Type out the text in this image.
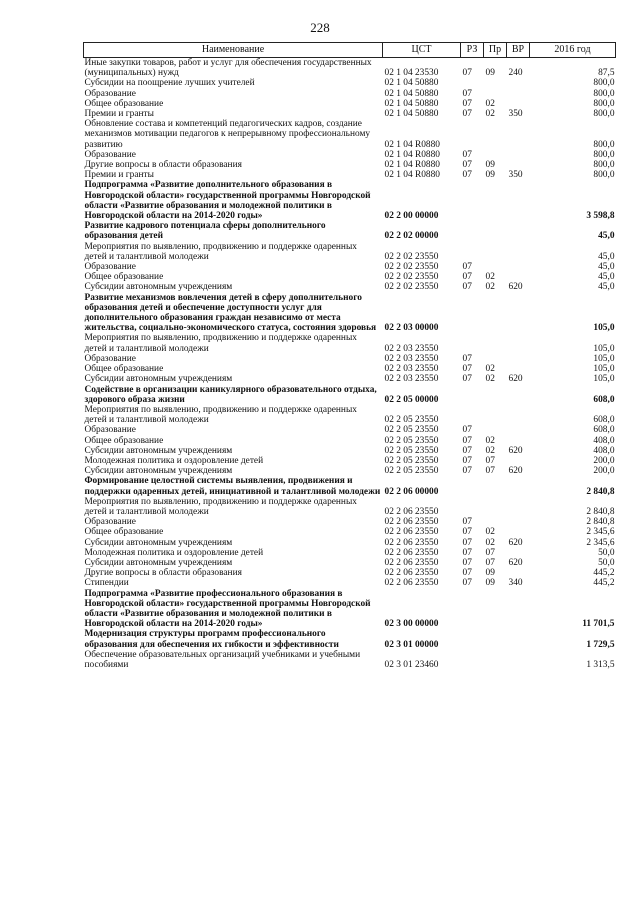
228
Наименование	ЦСТ	РЗ	Пр	ВР	2016 год
Иные закупки товаров, работ и услуг для обеспечения государственных (муниципальных) нужд	02 1 04 23530	07	09	240	87,5
Субсидии на поощрение лучших учителей	02 1 04 50880				800,0
Образование	02 1 04 50880	07			800,0
Общее образование	02 1 04 50880	07	02		800,0
Премии и гранты	02 1 04 50880	07	02	350	800,0
Обновление состава и компетенций педагогических кадров, создание механизмов мотивации педагогов к непрерывному профессиональному развитию	02 1 04 R0880				800,0
Образование	02 1 04 R0880	07			800,0
Другие вопросы в области образования	02 1 04 R0880	07	09		800,0
Премии и гранты	02 1 04 R0880	07	09	350	800,0
Подпрограмма «Развитие дополнительного образования в Новгородской области» государственной программы Новгородской области «Развитие образования и молодежной политики в Новгородской области на 2014-2020 годы»	02 2 00 00000				3 598,8
Развитие кадрового потенциала сферы дополнительного образования детей	02 2 02 00000				45,0
Мероприятия по выявлению, продвижению и поддержке одаренных детей и талантливой молодежи	02 2 02 23550				45,0
Образование	02 2 02 23550	07			45,0
Общее образование	02 2 02 23550	07	02		45,0
Субсидии автономным учреждениям	02 2 02 23550	07	02	620	45,0
Развитие механизмов вовлечения детей в сферу дополнительного образования детей и обеспечение доступности услуг для дополнительного образования граждан независимо от места жительства, социально-экономического статуса, состояния здоровья	02 2 03 00000				105,0
Мероприятия по выявлению, продвижению и поддержке одаренных детей и талантливой молодежи	02 2 03 23550				105,0
Образование	02 2 03 23550	07			105,0
Общее образование	02 2 03 23550	07	02		105,0
Субсидии автономным учреждениям	02 2 03 23550	07	02	620	105,0
Содействие в организации каникулярного образовательного отдыха, здорового образа жизни	02 2 05 00000				608,0
Мероприятия по выявлению, продвижению и поддержке одаренных детей и талантливой молодежи	02 2 05 23550				608,0
Образование	02 2 05 23550	07			608,0
Общее образование	02 2 05 23550	07	02		408,0
Субсидии автономным учреждениям	02 2 05 23550	07	02	620	408,0
Молодежная политика и оздоровление детей	02 2 05 23550	07	07		200,0
Субсидии автономным учреждениям	02 2 05 23550	07	07	620	200,0
Формирование целостной системы выявления, продвижения и поддержки одаренных детей, инициативной и талантливой молодежи	02 2 06 00000				2 840,8
Мероприятия по выявлению, продвижению и поддержке одаренных детей и талантливой молодежи	02 2 06 23550				2 840,8
Образование	02 2 06 23550	07			2 840,8
Общее образование	02 2 06 23550	07	02		2 345,6
Субсидии автономным учреждениям	02 2 06 23550	07	02	620	2 345,6
Молодежная политика и оздоровление детей	02 2 06 23550	07	07		50,0
Субсидии автономным учреждениям	02 2 06 23550	07	07	620	50,0
Другие вопросы в области образования	02 2 06 23550	07	09		445,2
Стипендии	02 2 06 23550	07	09	340	445,2
Подпрограмма «Развитие профессионального образования в Новгородской области» государственной программы Новгородской области «Развитие образования и молодежной политики в Новгородской области на 2014-2020 годы»	02 3 00 00000				11 701,5
Модернизация структуры программ профессионального образования для обеспечения их гибкости и эффективности	02 3 01 00000				1 729,5
Обеспечение образовательных организаций учебниками и учебными пособиями	02 3 01 23460				1 313,5
